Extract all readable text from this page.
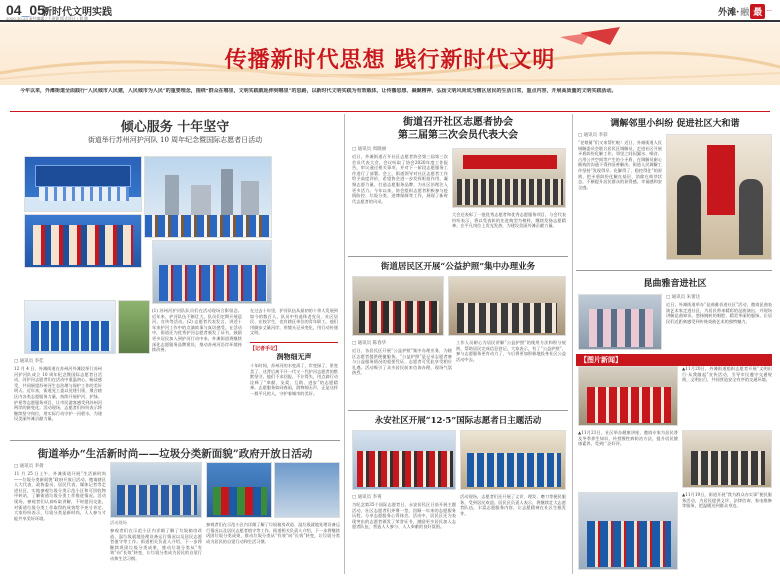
04_05
新时代文明实践
2020.10.23 责任编辑 / 王嘉铭 版式设计 / 刘 敏
外滩· 融 最 ···
传播新时代思想 践行新时代文明
今年以来，外滩街道全面践行“人民城市人民建，人民城市为人民”的重要理念，围绕“群众在哪里，文明实践就延伸到哪里”的思路，以新时代文明实践为有效载体，让传播思想、凝聚精神、弘扬文明风尚成为辖区居民的生活日常，重点内容，开展高质量的文明实践活动。
倾心服务 十年坚守
街道举行苏州河护河队 10 周年纪念暨国际志愿者日活动
□ 通讯员 李佳
12 月 4 日，外滩街道在苏州河外滩段举行苏州河护河队成立 10 周年纪念暨国际志愿者日活动，河护河志愿者们在活动中重温初心，畅谈感受，共同展望苏州河生态治理与保护工作的美好明天。近年来，街道党工委以党建引领，聚合辖区内各类志愿服务力量，持续开展护河、护绿、护景等志愿服务项目，让市民游客感受到苏州河两岸的新变化。活动现场，志愿者们纷纷表示将继续坚守岗位，用实际行动守护一河碧水，为建设美丽外滩贡献力量。
(1) 苏州河护河队队员们在活动现场合影留念。近年来，护河队伍不断壮大，队员们定期开展巡河、宣传等活动。(2) 志愿者代表发言，讲述十年来护河工作中的点滴故事与真切感受。在活动中，街道还为优秀护河志愿者颁发了证书，鼓励更多居民加入到护河行动中来。外滩街道将继续深化志愿服务品牌建设，推动苏州河沿岸环境持续改善。
在过去十年里，护河队伍从最初的十余人发展到如今的数百人，队员中有退休老党员、社区居民、在校学生，也有辖区单位的青年职工。他们用脚步丈量河岸，用镜头记录变化，用行动传递文明。
【记者手记】
润物细无声
十年时间，苏州河的水变清了，岸变绿了，景变美了，这背后离不开一代又一代护河志愿者的默默坚守。他们不求回报，不计得失，用点滴行动诠释了“奉献、友爱、互助、进步”的志愿精神。志愿服务如同春雨，润物细无声，正是这样一群平凡的人，守护着城市的美好。
街道举办“生活新时尚——垃圾分类新面貌”政府开放日活动
□ 通讯员 李倩
11 月 25 日上午，外滩街道开展“生活新时尚——垃圾分类新面貌”政府开放日活动。邀请辖区人大代表、政协委员、居民代表、媒体记者等走进社区，实地参观垃圾分类示范小区和可回收物中转站，了解街道垃圾分类工作推进情况。活动现场，参观者们认真听取讲解，不时提问交流，对街道垃圾分类工作取得的成效给予充分肯定。大家纷纷表示，垃圾分类是新时尚，人人参与才能共享美好环境。
活动现场
参观者们在示范小区内详细了解了垃圾箱房改造、湿垃圾就地处理设备运行情况以及居民志愿者值守等工作。街道相关负责人介绍，下一步将继续巩固垃圾分类成果，推动垃圾分类从“有效”向“长效”转变，让垃圾分类成为居民的自觉行动和生活习惯。
参观者们在示范小区内详细了解了垃圾箱房改造、湿垃圾就地处理设备运行情况以及居民志愿者值守等工作。街道相关负责人介绍，下一步将继续巩固垃圾分类成果，推动垃圾分类从“有效”向“长效”转变，让垃圾分类成为居民的自觉行动和生活习惯。
街道召开社区志愿者协会
第三届第三次会员代表大会
□ 通讯员 周晓丽
近日，外滩街道召开社区志愿者协会第三届第三次会员代表大会。会议听取了协会2020年度工作报告，审议通过相关事项，并对下一阶段志愿服务工作进行了部署。会上，街道领导对社区志愿者工作给予高度评价，希望协会进一步发挥枢纽作用，凝聚志愿力量，打造志愿服务品牌，为社区治理注入更多活力。今年以来，协会组织志愿者积极参与疫情防控、垃圾分类、进博保障等工作，展现了新时代志愿者的风采。
大会还表彰了一批优秀志愿者和优秀志愿服务项目，与会代表纷纷表示，将以受表彰的先进典型为榜样，继续发扬志愿精神，在平凡岗位上发光发热，为建设美丽外滩贡献力量。
街道居民区开展“公益护照”集中办理业务
□ 通讯员 陈春华
近日，各居民区开展“公益护照”集中办理业务，为辖区志愿者提供便捷服务。“公益护照”是记录志愿者参与公益服务情况的重要凭证，志愿者可凭此享受相应礼遇。活动吸引了众多居民前来咨询办理，现场气氛热烈。
工作人员耐心为居民讲解“公益护照”的使用方法和积分规则，帮助居民完成信息登记。大家表示，有了“公益护照”，参与志愿服务更有动力了，今后将更加积极地投身社区公益活动中去。
永安社区开展“12·5”国际志愿者日主题活动
□ 通讯员 李爽
为纪念第35个国际志愿者日，永安居民区日前开展主题活动，社区志愿者们齐聚一堂，回顾一年来的志愿服务历程，分享志愿服务心得体会。活动中，居民区还为表现突出的志愿者颁发了荣誉证书，激励更多居民加入志愿者队伍，营造人人参与、人人奉献的良好氛围。
活动现场，志愿者们还开展了义诊、理发、磨刀等便民服务，受到居民欢迎。居民区负责人表示，将继续壮大志愿者队伍，丰富志愿服务内容，让志愿精神在社区生根发芽。
调解邻里小纠纷 促进社区大和谐
□ 通讯员 李彩
“老娘舅”们又来帮忙啦！近日，外滩街道人民调解委员会联合居民区调解员，走进社区开展矛盾纠纷化解工作。邻里之间因漏水、噪音、占用公共空间等产生的小矛盾，在调解员耐心细致的沟通下得到妥善解决。街道人民调解工作坚持“发现得早、化解得了、稳控得住”的原则，把矛盾纠纷化解在基层、消除在萌芽状态，不断提升居民群众的获得感、幸福感和安全感。
昆曲雅音进社区
□ 通讯员 朱蕾达
近日，外滩街道举办“昆曲雅音进社区”活动，邀请昆曲表演艺术家走进社区，为居民带来精彩的昆曲演出，并现场讲解昆曲知识。悠扬婉转的唱腔、精美华丽的服饰，让居民们近距离感受到传统戏曲艺术的独特魅力。
【图片新闻】
▲11月20日，外滩街道组织志愿者开展“文明出行·从我做起”宣传活动，引导市民遵守交通规则，文明出行，共同营造安全有序的交通环境。
▲11月21日，社区举办健康讲座，邀请专家为居民普及冬季养生知识，传授慢性病防治方法，提升居民健康素养，受到广泛好评。
▲11月19日，街道开展“我为群众办实事”便民服务活动，为居民提供义诊、法律咨询、家电维修等服务，把温暖送到群众身边。
